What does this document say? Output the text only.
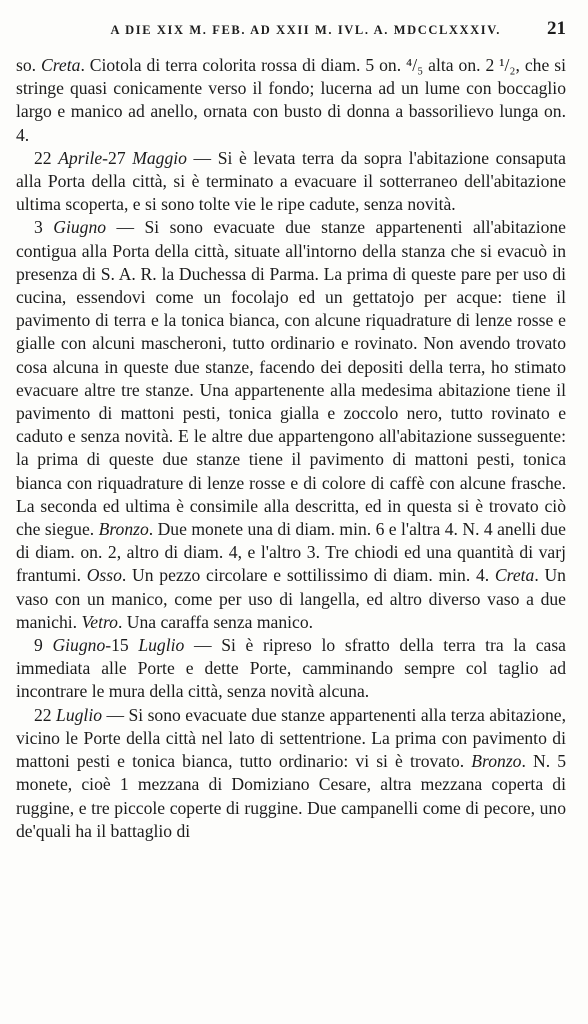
A DIE XIX M. FEB. AD XXII M. IVL. A. MDCCLXXXIV. 21

so. Creta. Ciotola di terra colorita rossa di diam. 5 on. ⁴/₅ alta on. 2 ¹/₂, che si stringe quasi conicamente verso il fondo; lucerna ad un lume con boccaglio largo e manico ad anello, ornata con busto di donna a bassorilievo lunga on. 4.

22 Aprile-27 Maggio — Si è levata terra da sopra l'abitazione consaputa alla Porta della città, si è terminato a evacuare il sotterraneo dell'abitazione ultima scoperta, e si sono tolte vie le ripe cadute, senza novità.

3 Giugno — Si sono evacuate due stanze appartenenti all'abitazione contigua alla Porta della città, situate all'intorno della stanza che si evacuò in presenza di S. A. R. la Duchessa di Parma. La prima di queste pare per uso di cucina, essendovi come un focolajo ed un gettatojo per acque: tiene il pavimento di terra e la tonica bianca, con alcune riquadrature di lenze rosse e gialle con alcuni mascheroni, tutto ordinario e rovinato. Non avendo trovato cosa alcuna in queste due stanze, facendo dei depositi della terra, ho stimato evacuare altre tre stanze. Una appartenente alla medesima abitazione tiene il pavimento di mattoni pesti, tonica gialla e zoccolo nero, tutto rovinato e caduto e senza novità. E le altre due appartengono all'abitazione susseguente: la prima di queste due stanze tiene il pavimento di mattoni pesti, tonica bianca con riquadrature di lenze rosse e di colore di caffè con alcune frasche. La seconda ed ultima è consimile alla descritta, ed in questa si è trovato ciò che siegue. Bronzo. Due monete una di diam. min. 6 e l'altra 4. N. 4 anelli due di diam. on. 2, altro di diam. 4, e l'altro 3. Tre chiodi ed una quantità di varj frantumi. Osso. Un pezzo circolare e sottilissimo di diam. min. 4. Creta. Un vaso con un manico, come per uso di langella, ed altro diverso vaso a due manichi. Vetro. Una caraffa senza manico.

9 Giugno-15 Luglio — Si è ripreso lo sfratto della terra tra la casa immediata alle Porte e dette Porte, camminando sempre col taglio ad incontrare le mura della città, senza novità alcuna.

22 Luglio — Si sono evacuate due stanze appartenenti alla terza abitazione, vicino le Porte della città nel lato di settentrione. La prima con pavimento di mattoni pesti e tonica bianca, tutto ordinario: vi si è trovato. Bronzo. N. 5 monete, cioè 1 mezzana di Domiziano Cesare, altra mezzana coperta di ruggine, e tre piccole coperte di ruggine. Due campanelli come di pecore, uno de'quali ha il battaglio di
